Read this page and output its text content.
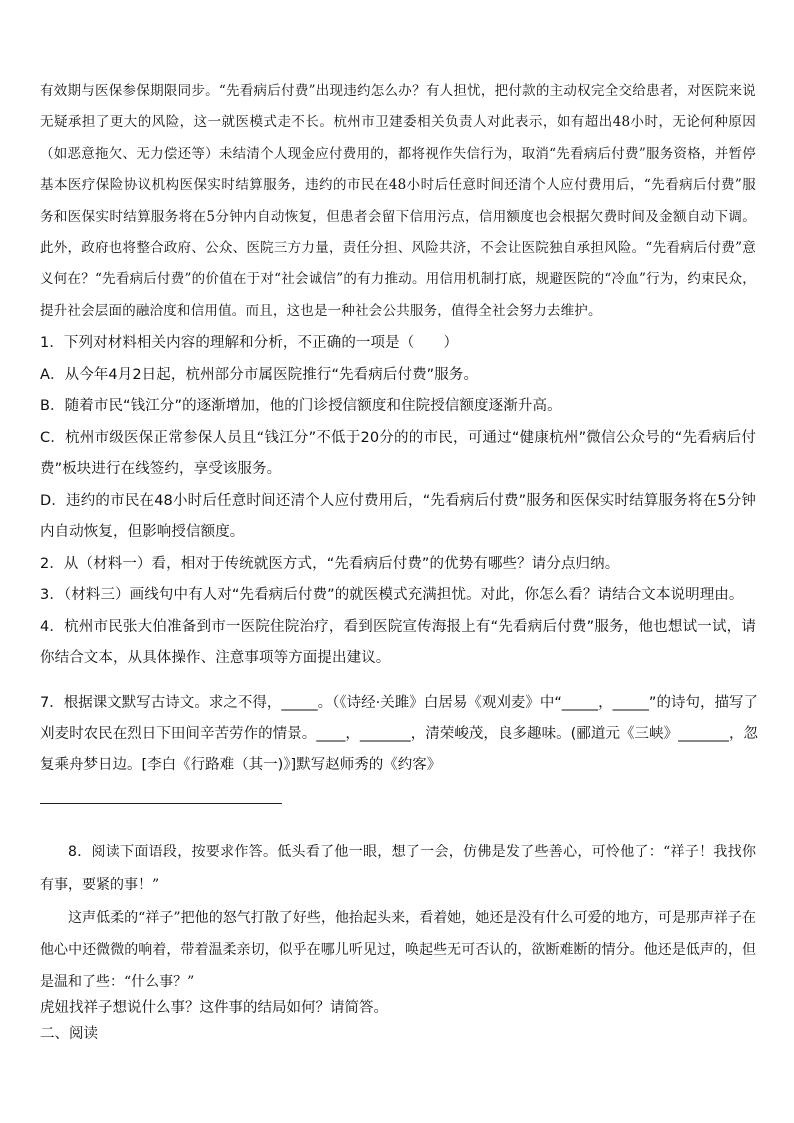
有效期与医保参保期限同步。“先看病后付费”出现违约怎么办？有人担忧，把付款的主动权完全交给患者，对医院来说无疑承担了更大的风险，这一就医模式走不长。杭州市卫建委相关负责人对此表示，如有超出48小时，无论何种原因（如恶意拖欠、无力偿还等）未结清个人现金应付费用的，都将视作失信行为，取消“先看病后付费”服务资格，并暂停基本医疗保险协议机构医保实时结算服务，违约的市民在48小时后任意时间还清个人应付费用后，“先看病后付费”服务和医保实时结算服务将在5分钟内自动恢复，但患者会留下信用污点，信用额度也会根据欠费时间及金额自动下调。此外，政府也将整合政府、公众、医院三方力量，责任分担、风险共济，不会让医院独自承担风险。“先看病后付费”意义何在？“先看病后付费”的价值在于对“社会诚信”的有力推动。用信用机制打底，规避医院的“冷血”行为，约束民众，提升社会层面的融洽度和信用值。而且，这也是一种社会公共服务，值得全社会努力去维护。
1．下列对材料相关内容的理解和分析，不正确的一项是（　　）
A．从今年4月2日起，杭州部分市属医院推行“先看病后付费”服务。
B．随着市民“钱江分”的逐渐增加，他的门诊授信额度和住院授信额度逐渐升高。
C．杭州市级医保正常参保人员且“钱江分”不低于20分的的市民，可通过“健康杭州”微信公众号的“先看病后付费”板块进行在线签约，享受该服务。
D．违约的市民在48小时后任意时间还清个人应付费用后，“先看病后付费”服务和医保实时结算服务将在5分钟内自动恢复，但影响授信额度。
2．从（材料一）看，相对于传统就医方式，“先看病后付费”的优势有哪些？请分点归纳。
3．（材料三）画线句中有人对“先看病后付费”的就医模式充满担忧。对此，你怎么看？请结合文本说明理由。
4．杭州市民张大伯准备到市一医院住院治疗，看到医院宣传海报上有“先看病后付费”服务，他也想试一试，请你结合文本，从具体操作、注意事项等方面提出建议。
7．根据课文默写古诗文。求之不得，_____。（《诗经·关雎》白居易《观刈麦》中“_____，_____”的诗句，描写了刈麦时农民在烈日下田间辛苦劳作的情景。____，_______，清荣峻茂，良多趣味。(郦道元《三峡》_______，忽复乘舟梦日边。[李白《行路难（其一)》]默写赵师秀的《约客》

8．阅读下面语段，按要求作答。低头看了他一眼，想了一会，仿佛是发了些善心，可怜他了：“祥子！我找你有事，要紧的事！”

这声低柔的“祥子”把他的怒气打散了好些，他抬起头来，看着她，她还是没有什么可爱的地方，可是那声祥子在他心中还微微的响着，带着温柔亲切，似乎在哪儿听见过，唤起些无可否认的，欲断难断的情分。他还是低声的，但是温和了些：“什么事？”

虎妞找祥子想说什么事？这件事的结局如何？请简答。

二、阅读
